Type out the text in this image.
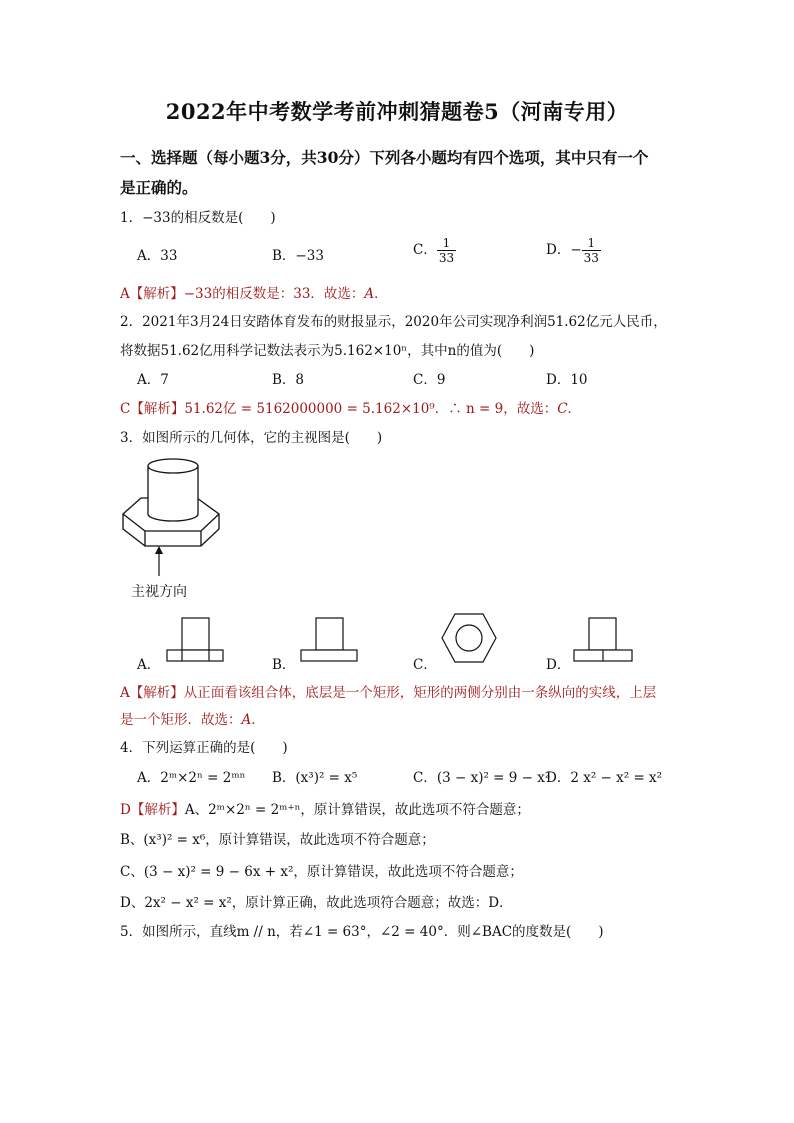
2022年中考数学考前冲刺猜题卷5（河南专用）
一、选择题（每小题3分，共30分）下列各小题均有四个选项，其中只有一个
是正确的。
1．−33的相反数是(　　)
A．33	B．−33	C． $\frac{1}{33}$	D．− $\frac{1}{33}$
A【解析】−33的相反数是：33．故选：A．
2．2021年3月24日安踏体育发布的财报显示，2020年公司实现净利润51.62亿元人民币，
将数据51.62亿用科学记数法表示为5.162×10ⁿ，其中n的值为(　　)
A．7	B．8	C．9	D．10
C【解析】51.62亿 = 5162000000 = 5.162×10⁹．∴ n = 9，故选：C．
3．如图所示的几何体，它的主视图是(　　)
主视方向
A．	B．	C．	D．
A【解析】从正面看该组合体，底层是一个矩形，矩形的两侧分别由一条纵向的实线，上层
是一个矩形．故选：A．
4．下列运算正确的是(　　)
A．2ᵐ×2ⁿ = 2ᵐⁿ B．(x³)² = x⁵	C．(3 − x)² = 9 − x²
D．2 x² − x² = x²
D【解析】A、2ᵐ×2ⁿ = 2ᵐ⁺ⁿ，原计算错误，故此选项不符合题意；
B、(x³)² = x⁶，原计算错误，故此选项不符合题意；
C、(3 − x)² = 9 − 6x + x²，原计算错误，故此选项不符合题意；
D、2x² − x² = x²，原计算正确，故此选项符合题意；故选：D．
5．如图所示，直线m // n，若∠1 = 63°，∠2 = 40°．则∠BAC的度数是(　　)
